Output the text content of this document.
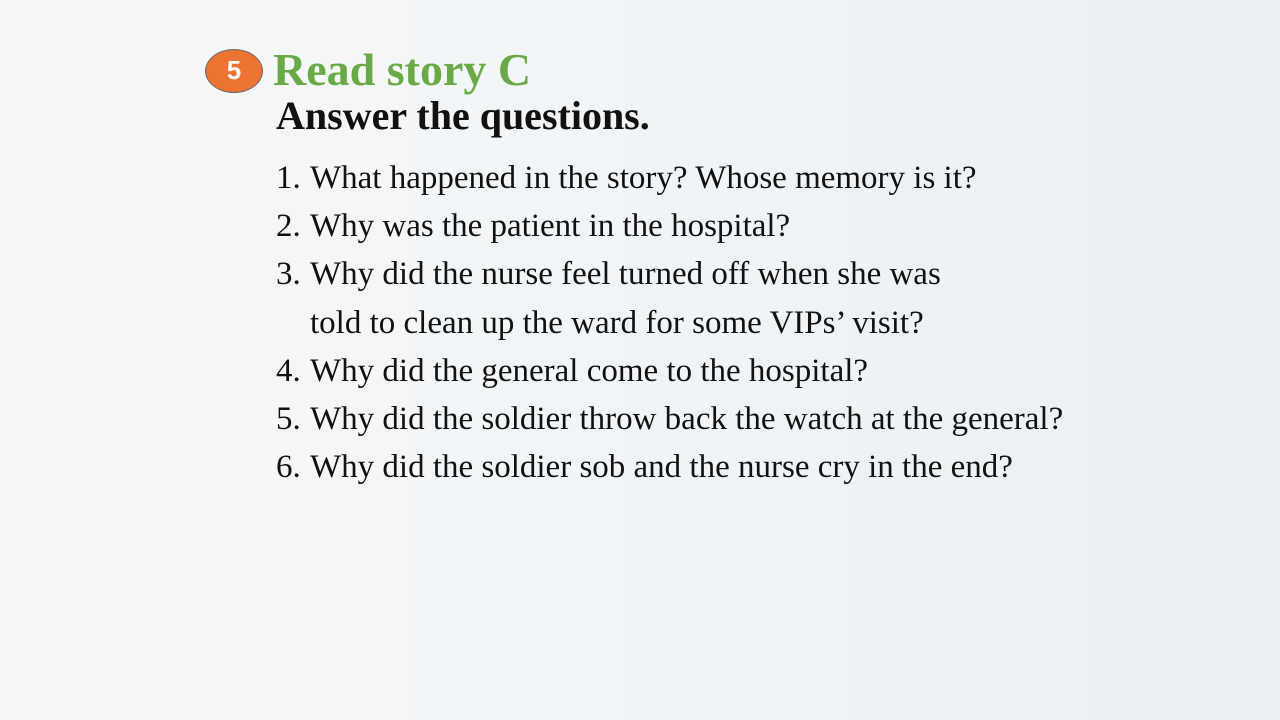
5 Read story C
Answer the questions.
1. What happened in the story? Whose memory is it?
2. Why was the patient in the hospital?
3. Why did the nurse feel turned off when she was
told to clean up the ward for some VIPs’ visit?
4. Why did the general come to the hospital?
5. Why did the soldier throw back the watch at the general?
6. Why did the soldier sob and the nurse cry in the end?
